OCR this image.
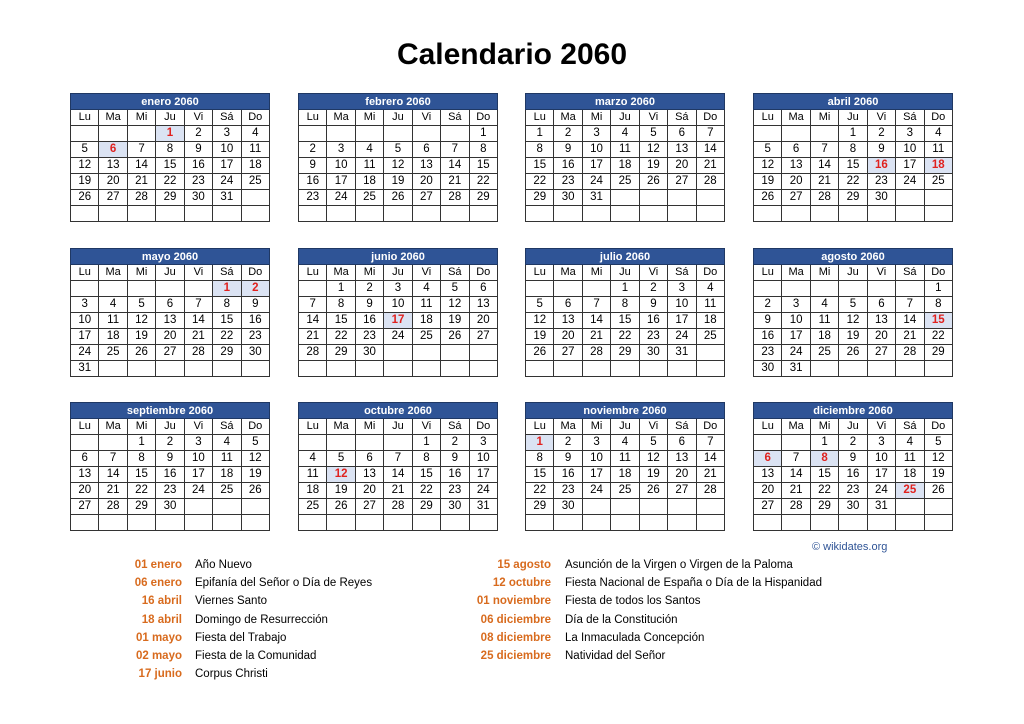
Calendario 2060
enero 2060						
Lu	Ma	Mi	Ju	Vi	Sá	Do
			1	2	3	4
5	6	7	8	9	10	11
12	13	14	15	16	17	18
19	20	21	22	23	24	25
26	27	28	29	30	31	

febrero 2060						
Lu	Ma	Mi	Ju	Vi	Sá	Do
						1
2	3	4	5	6	7	8
9	10	11	12	13	14	15
16	17	18	19	20	21	22
23	24	25	26	27	28	29

marzo 2060						
Lu	Ma	Mi	Ju	Vi	Sá	Do
1	2	3	4	5	6	7
8	9	10	11	12	13	14
15	16	17	18	19	20	21
22	23	24	25	26	27	28
29	30	31				

abril 2060						
Lu	Ma	Mi	Ju	Vi	Sá	Do
			1	2	3	4
5	6	7	8	9	10	11
12	13	14	15	16	17	18
19	20	21	22	23	24	25
26	27	28	29	30		

mayo 2060						
Lu	Ma	Mi	Ju	Vi	Sá	Do
					1	2
3	4	5	6	7	8	9
10	11	12	13	14	15	16
17	18	19	20	21	22	23
24	25	26	27	28	29	30
31						
junio 2060						
Lu	Ma	Mi	Ju	Vi	Sá	Do
	1	2	3	4	5	6
7	8	9	10	11	12	13
14	15	16	17	18	19	20
21	22	23	24	25	26	27
28	29	30				

julio 2060						
Lu	Ma	Mi	Ju	Vi	Sá	Do
			1	2	3	4
5	6	7	8	9	10	11
12	13	14	15	16	17	18
19	20	21	22	23	24	25
26	27	28	29	30	31	

agosto 2060						
Lu	Ma	Mi	Ju	Vi	Sá	Do
						1
2	3	4	5	6	7	8
9	10	11	12	13	14	15
16	17	18	19	20	21	22
23	24	25	26	27	28	29
30	31					
septiembre 2060						
Lu	Ma	Mi	Ju	Vi	Sá	Do
		1	2	3	4	5
6	7	8	9	10	11	12
13	14	15	16	17	18	19
20	21	22	23	24	25	26
27	28	29	30			

octubre 2060						
Lu	Ma	Mi	Ju	Vi	Sá	Do
				1	2	3
4	5	6	7	8	9	10
11	12	13	14	15	16	17
18	19	20	21	22	23	24
25	26	27	28	29	30	31

noviembre 2060						
Lu	Ma	Mi	Ju	Vi	Sá	Do
1	2	3	4	5	6	7
8	9	10	11	12	13	14
15	16	17	18	19	20	21
22	23	24	25	26	27	28
29	30					

diciembre 2060						
Lu	Ma	Mi	Ju	Vi	Sá	Do
		1	2	3	4	5
6	7	8	9	10	11	12
13	14	15	16	17	18	19
20	21	22	23	24	25	26
27	28	29	30	31		

© wikidates.org
01 enero Año Nuevo
06 enero Epifanía del Señor o Día de Reyes
16 abril Viernes Santo
18 abril Domingo de Resurrección
01 mayo Fiesta del Trabajo
02 mayo Fiesta de la Comunidad
17 junio Corpus Christi
15 agosto Asunción de la Virgen o Virgen de la Paloma
12 octubre Fiesta Nacional de España o Día de la Hispanidad
01 noviembre Fiesta de todos los Santos
06 diciembre Día de la Constitución
08 diciembre La Inmaculada Concepción
25 diciembre Natividad del Señor
